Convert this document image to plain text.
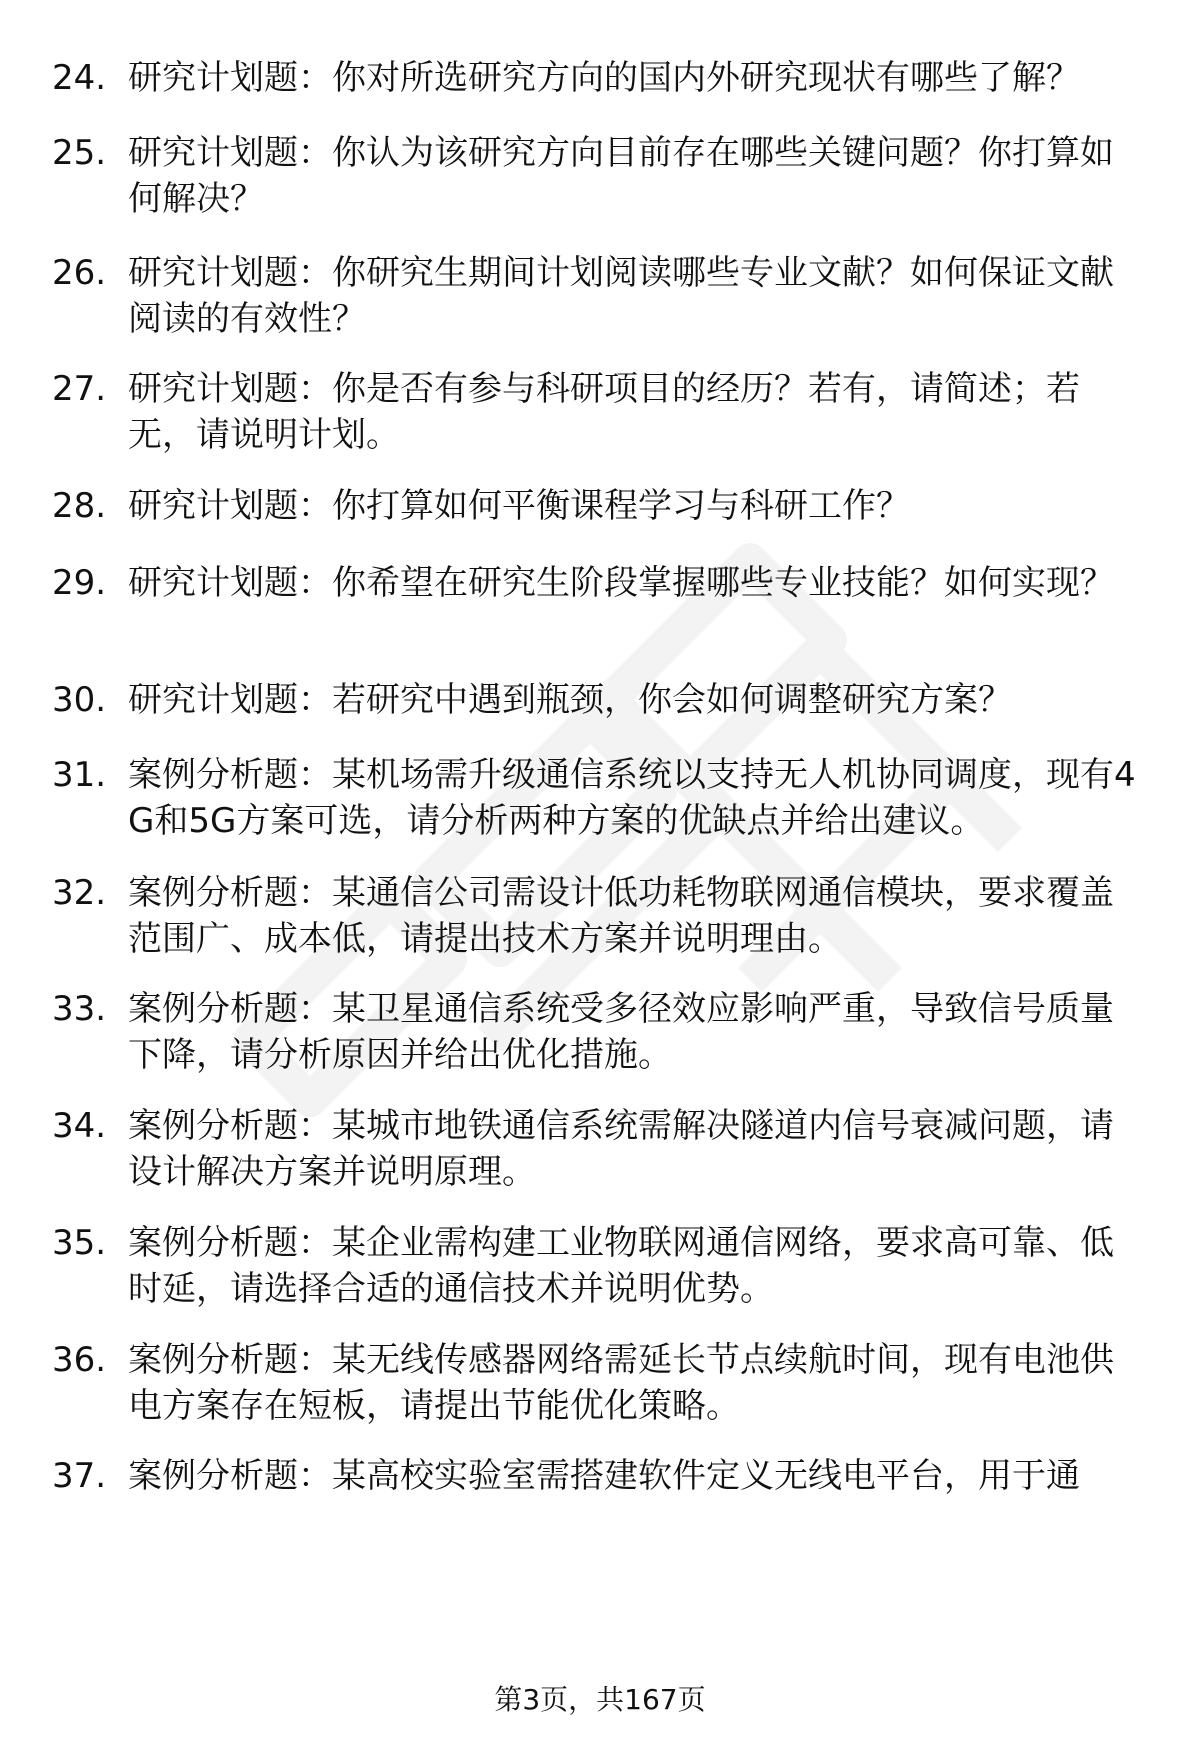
24. 研究计划题：你对所选研究方向的国内外研究现状有哪些了解？
25. 研究计划题：你认为该研究方向目前存在哪些关键问题？你打算如何解决？
26. 研究计划题：你研究生期间计划阅读哪些专业文献？如何保证文献阅读的有效性？
27. 研究计划题：你是否有参与科研项目的经历？若有，请简述；若无，请说明计划。
28. 研究计划题：你打算如何平衡课程学习与科研工作？
29. 研究计划题：你希望在研究生阶段掌握哪些专业技能？如何实现？
30. 研究计划题：若研究中遇到瓶颈，你会如何调整研究方案？
31. 案例分析题：某机场需升级通信系统以支持无人机协同调度，现有4G和5G方案可选，请分析两种方案的优缺点并给出建议。
32. 案例分析题：某通信公司需设计低功耗物联网通信模块，要求覆盖范围广、成本低，请提出技术方案并说明理由。
33. 案例分析题：某卫星通信系统受多径效应影响严重，导致信号质量下降，请分析原因并给出优化措施。
34. 案例分析题：某城市地铁通信系统需解决隧道内信号衰减问题，请设计解决方案并说明原理。
35. 案例分析题：某企业需构建工业物联网通信网络，要求高可靠、低时延，请选择合适的通信技术并说明优势。
36. 案例分析题：某无线传感器网络需延长节点续航时间，现有电池供电方案存在短板，请提出节能优化策略。
37. 案例分析题：某高校实验室需搭建软件定义无线电平台，用于通
第3页，共167页
